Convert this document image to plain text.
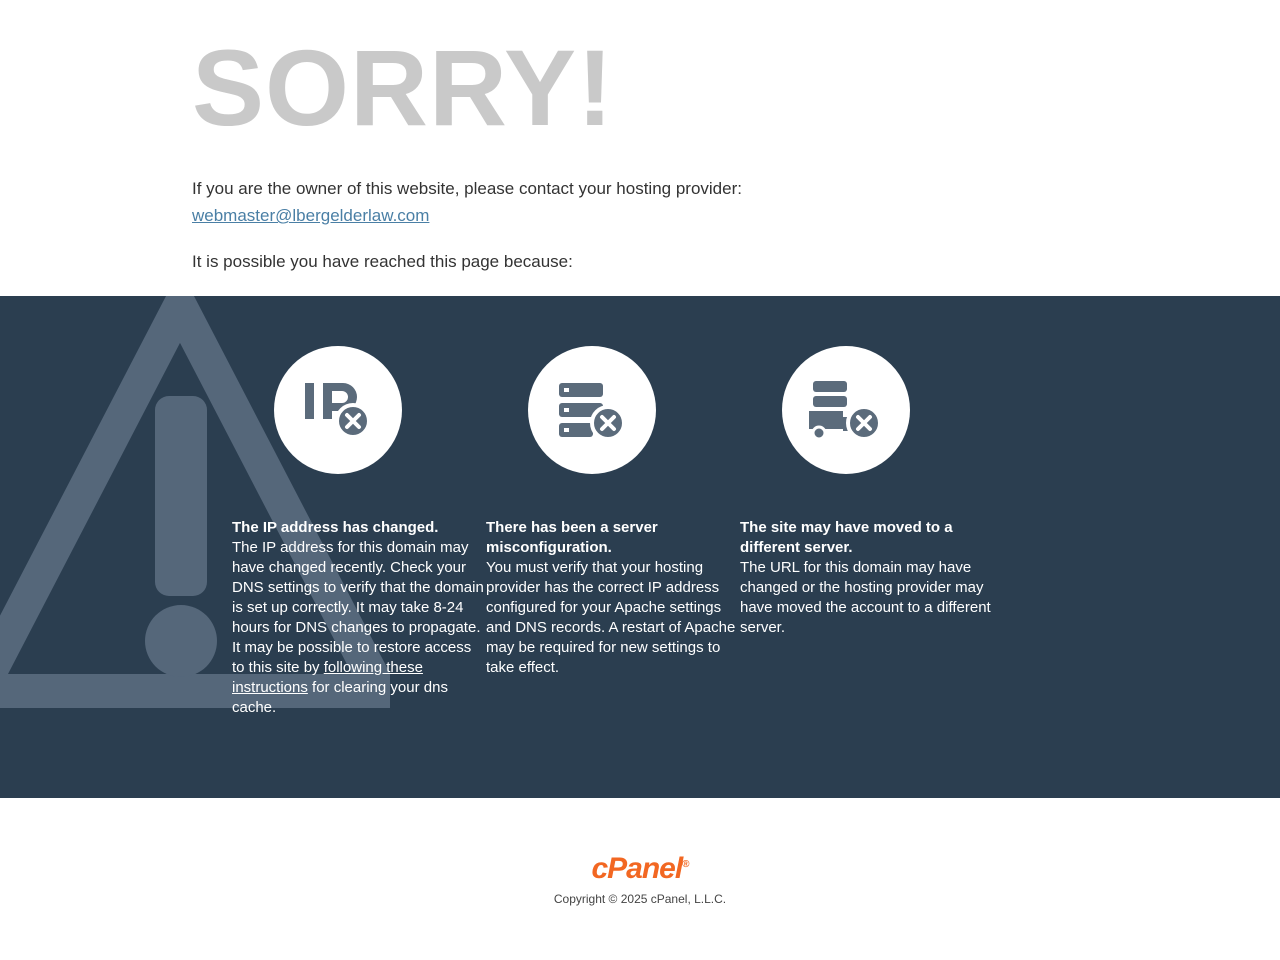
SORRY!

If you are the owner of this website, please contact your hosting provider:

webmaster@lbergelderlaw.com

It is possible you have reached this page because:

The IP address has changed.

The IP address for this domain may have changed recently. Check your DNS settings to verify that the domain is set up correctly. It may take 8-24 hours for DNS changes to propagate. It may be possible to restore access to this site by following these instructions for clearing your dns cache.

There has been a server misconfiguration.

You must verify that your hosting provider has the correct IP address configured for your Apache settings and DNS records. A restart of Apache may be required for new settings to take effect.

The site may have moved to a different server.

The URL for this domain may have changed or the hosting provider may have moved the account to a different server.

cPanel®
Copyright © 2025 cPanel, L.L.C.
